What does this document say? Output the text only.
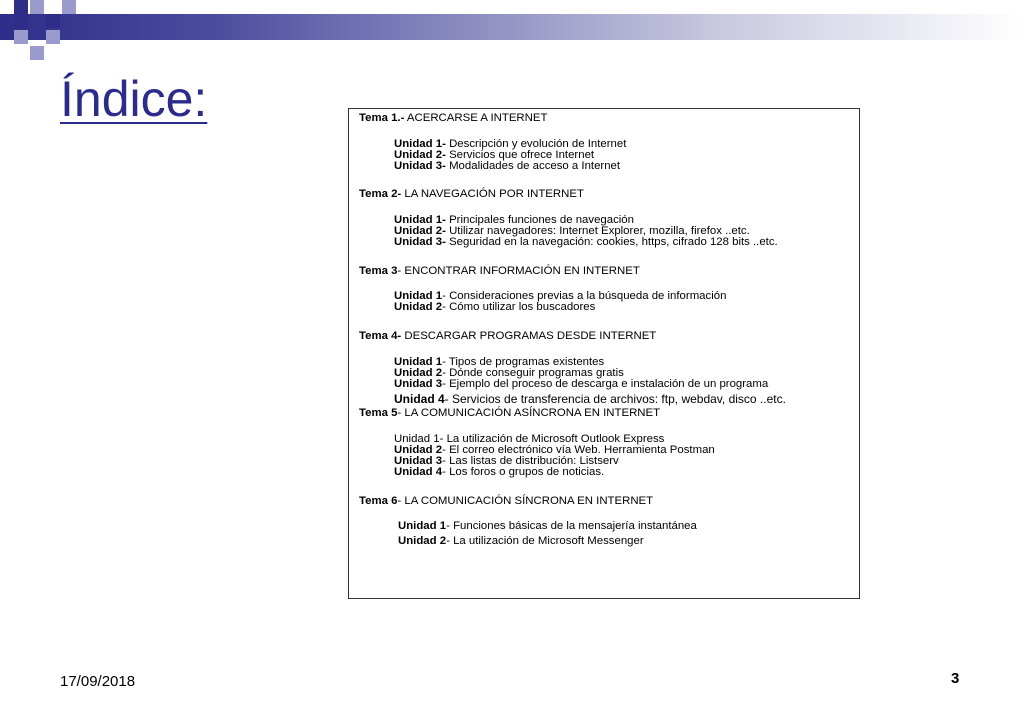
Índice:	Tema 1.- ACERCARSE A INTERNET
Unidad 1- Descripción y evolución de Internet
Unidad 2- Servicios que ofrece Internet
Unidad 3- Modalidades de acceso a Internet
Tema 2- LA NAVEGACIÓN POR INTERNET
Unidad 1- Principales funciones de navegación
Unidad 2- Utilizar navegadores: Internet Explorer, mozilla, firefox ..etc.
Unidad 3- Seguridad en la navegación: cookies, https, cifrado 128 bits ..etc.
Tema 3- ENCONTRAR INFORMACIÓN EN INTERNET
Unidad 1- Consideraciones previas a la búsqueda de información
Unidad 2- Cómo utilizar los buscadores
Tema 4- DESCARGAR PROGRAMAS DESDE INTERNET
Unidad 1- Tipos de programas existentes
Unidad 2- Dónde conseguir programas gratis
Unidad 3- Ejemplo del proceso de descarga e instalación de un programa
Unidad 4- Servicios de transferencia de archivos: ftp, webdav, disco ..etc.
Tema 5- LA COMUNICACIÓN ASÍNCRONA EN INTERNET
Unidad 1- La utilización de Microsoft Outlook Express
Unidad 2- El correo electrónico vía Web. Herramienta Postman
Unidad 3- Las listas de distribución: Listserv
Unidad 4- Los foros o grupos de noticias.
Tema 6- LA COMUNICACIÓN SÍNCRONA EN INTERNET
Unidad 1- Funciones básicas de la mensajería instantánea
Unidad 2- La utilización de Microsoft Messenger
17/09/2018	3
